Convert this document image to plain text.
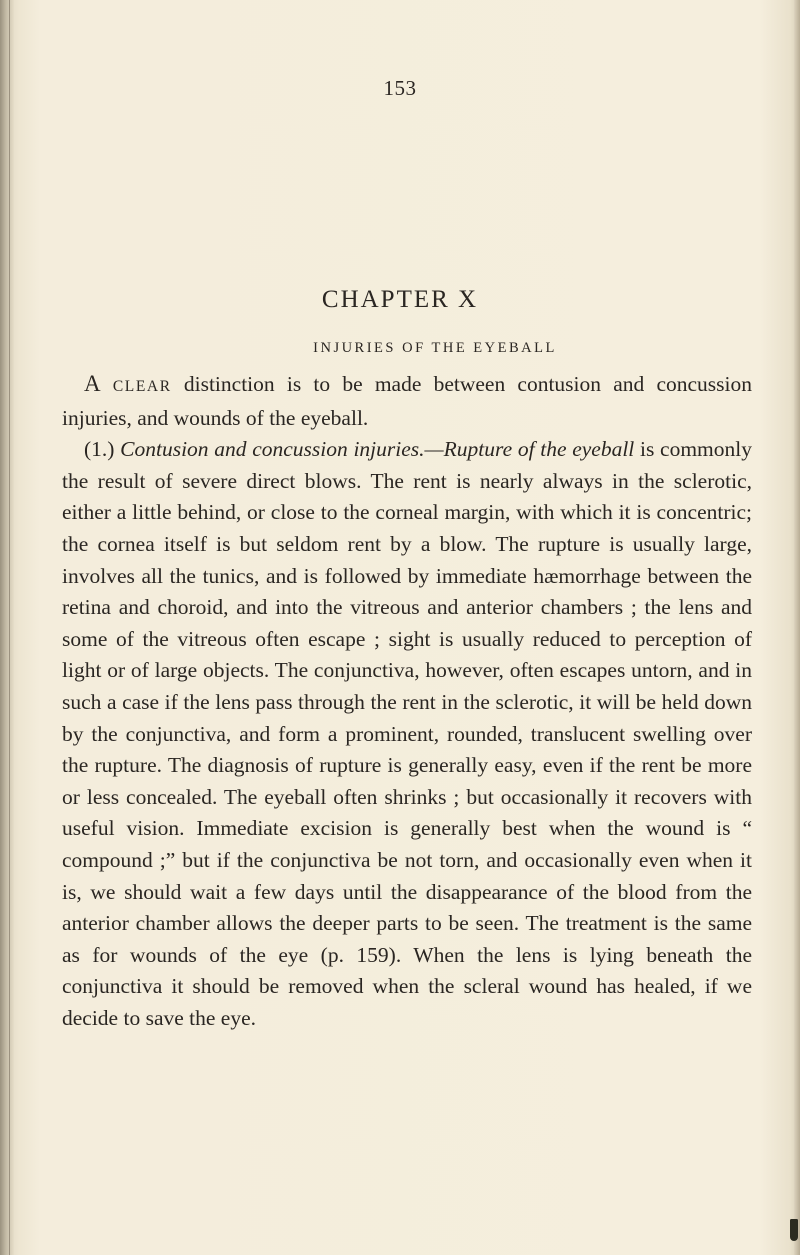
153
CHAPTER X
INJURIES OF THE EYEBALL

A CLEAR distinction is to be made between contusion and concussion injuries, and wounds of the eyeball.

(1.) Contusion and concussion injuries.—Rupture of the eyeball is commonly the result of severe direct blows. The rent is nearly always in the sclerotic, either a little behind, or close to the corneal margin, with which it is concentric; the cornea itself is but seldom rent by a blow. The rupture is usually large, involves all the tunics, and is followed by immediate hæmorrhage between the retina and choroid, and into the vitreous and anterior chambers ; the lens and some of the vitreous often escape ; sight is usually reduced to perception of light or of large objects. The conjunctiva, however, often escapes untorn, and in such a case if the lens pass through the rent in the sclerotic, it will be held down by the conjunctiva, and form a prominent, rounded, translucent swelling over the rupture. The diagnosis of rupture is generally easy, even if the rent be more or less concealed. The eyeball often shrinks ; but occasionally it recovers with useful vision. Immediate excision is generally best when the wound is “ compound ;” but if the conjunctiva be not torn, and occasionally even when it is, we should wait a few days until the disappearance of the blood from the anterior chamber allows the deeper parts to be seen. The treatment is the same as for wounds of the eye (p. 159). When the lens is lying beneath the conjunctiva it should be removed when the scleral wound has healed, if we decide to save the eye.
